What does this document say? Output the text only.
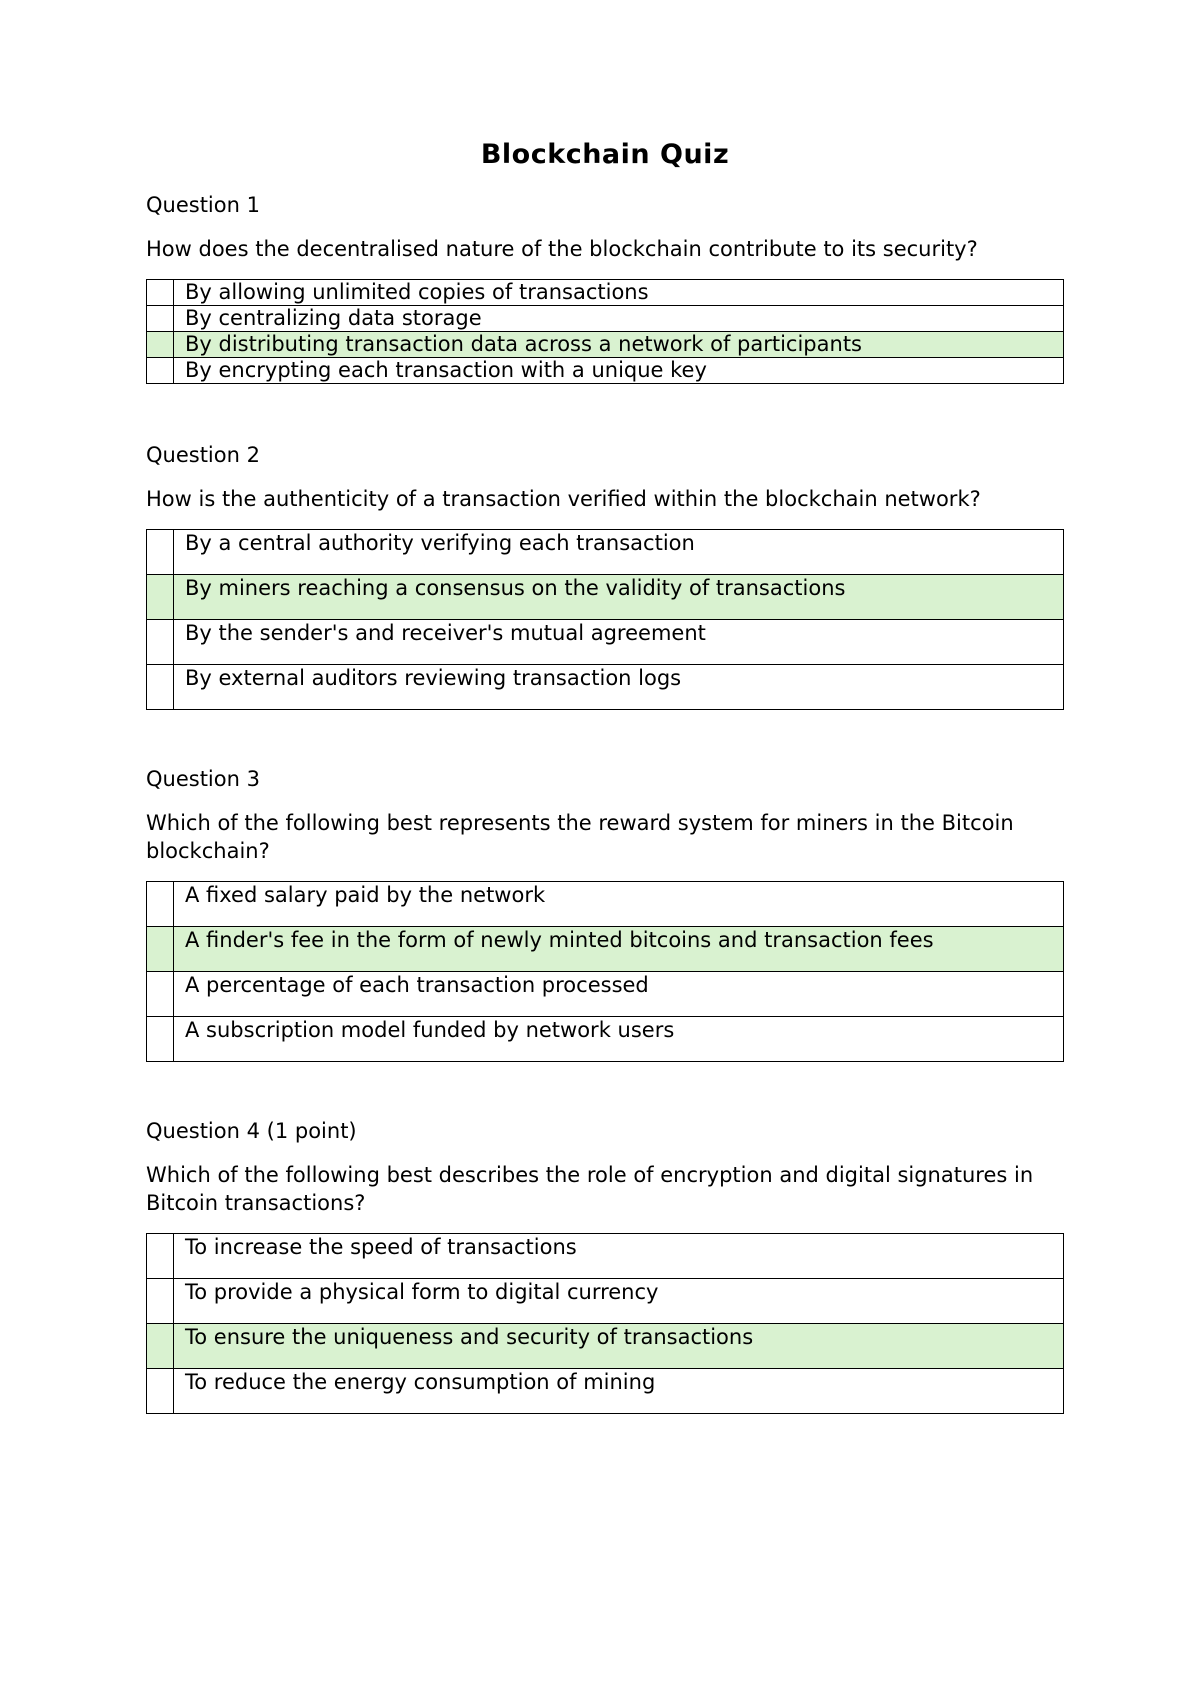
Blockchain Quiz
Question 1
How does the decentralised nature of the blockchain contribute to its security?
	By allowing unlimited copies of transactions
	By centralizing data storage
	By distributing transaction data across a network of participants
	By encrypting each transaction with a unique key
Question 2
How is the authenticity of a transaction verified within the blockchain network?
	By a central authority verifying each transaction
	By miners reaching a consensus on the validity of transactions
	By the sender's and receiver's mutual agreement
	By external auditors reviewing transaction logs
Question 3
Which of the following best represents the reward system for miners in the Bitcoin blockchain?
	A fixed salary paid by the network
	A finder's fee in the form of newly minted bitcoins and transaction fees
	A percentage of each transaction processed
	A subscription model funded by network users
Question 4 (1 point)
Which of the following best describes the role of encryption and digital signatures in Bitcoin transactions?
	To increase the speed of transactions
	To provide a physical form to digital currency
	To ensure the uniqueness and security of transactions
	To reduce the energy consumption of mining
